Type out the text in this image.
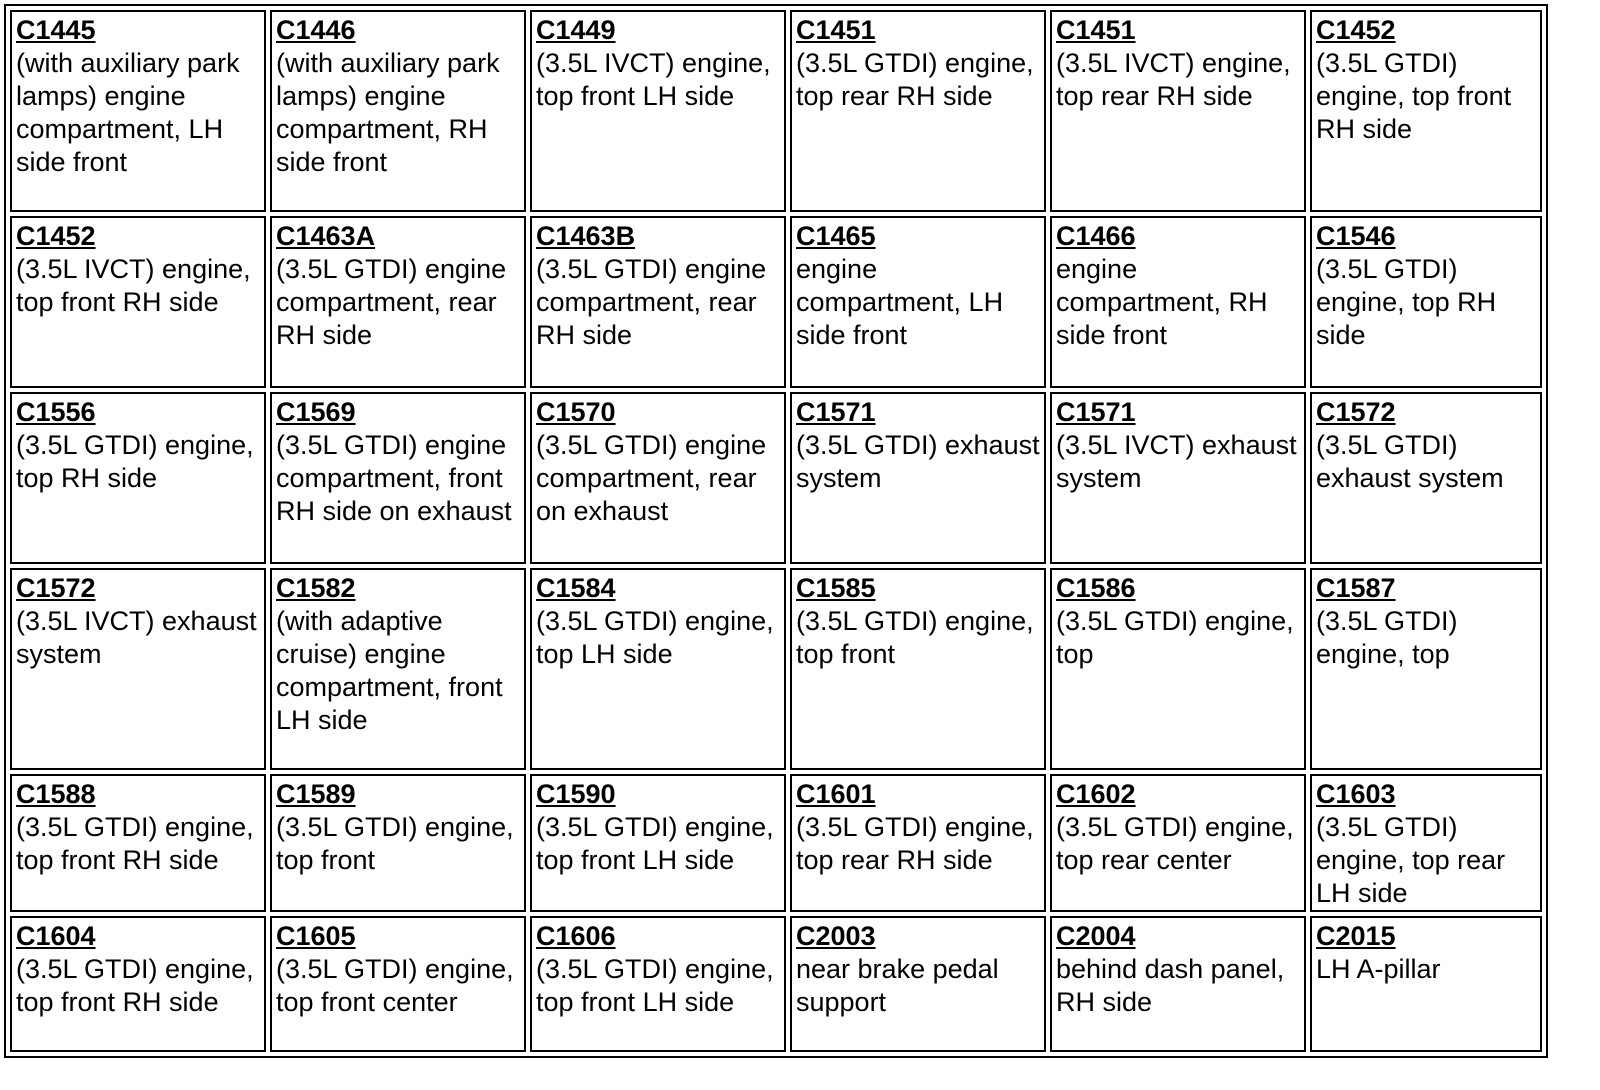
C1445
(with auxiliary park lamps) engine compartment, LH side front	C1446
(with auxiliary park lamps) engine compartment, RH side front	C1449
(3.5L IVCT) engine, top front LH side	C1451
(3.5L GTDI) engine, top rear RH side	C1451
(3.5L IVCT) engine, top rear RH side	C1452
(3.5L GTDI) engine, top front RH side

C1452
(3.5L IVCT) engine, top front RH side	C1463A
(3.5L GTDI) engine compartment, rear RH side	C1463B
(3.5L GTDI) engine compartment, rear RH side	C1465
engine compartment, LH side front	C1466
engine compartment, RH side front	C1546
(3.5L GTDI) engine, top RH side

C1556
(3.5L GTDI) engine, top RH side	C1569
(3.5L GTDI) engine compartment, front RH side on exhaust	C1570
(3.5L GTDI) engine compartment, rear on exhaust	C1571
(3.5L GTDI) exhaust system	C1571
(3.5L IVCT) exhaust system	C1572
(3.5L GTDI) exhaust system

C1572
(3.5L IVCT) exhaust system	C1582
(with adaptive cruise) engine compartment, front LH side	C1584
(3.5L GTDI) engine, top LH side	C1585
(3.5L GTDI) engine, top front	C1586
(3.5L GTDI) engine, top	C1587
(3.5L GTDI) engine, top

C1588
(3.5L GTDI) engine, top front RH side	C1589
(3.5L GTDI) engine, top front	C1590
(3.5L GTDI) engine, top front LH side	C1601
(3.5L GTDI) engine, top rear RH side	C1602
(3.5L GTDI) engine, top rear center	C1603
(3.5L GTDI) engine, top rear LH side

C1604
(3.5L GTDI) engine, top front RH side	C1605
(3.5L GTDI) engine, top front center	C1606
(3.5L GTDI) engine, top front LH side	C2003
near brake pedal support	C2004
behind dash panel, RH side	C2015
LH A-pillar
